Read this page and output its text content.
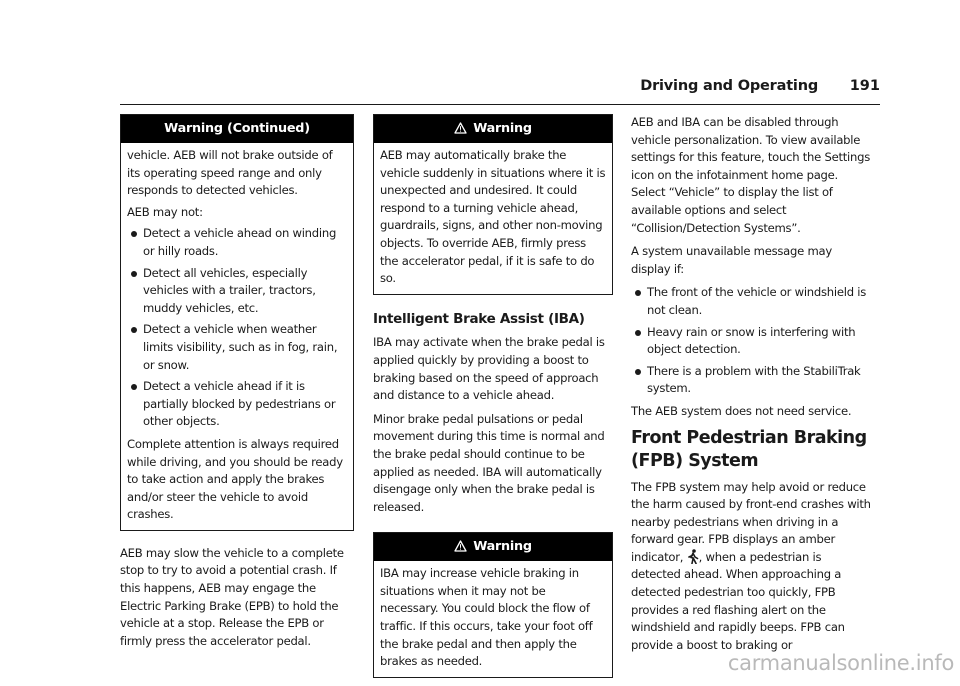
Driving and Operating 191
Warning (Continued)

vehicle. AEB will not brake outside of its operating speed range and only responds to detected vehicles.

AEB may not:

Detect a vehicle ahead on winding or hilly roads.
Detect all vehicles, especially vehicles with a trailer, tractors, muddy vehicles, etc.
Detect a vehicle when weather limits visibility, such as in fog, rain, or snow.
Detect a vehicle ahead if it is partially blocked by pedestrians or other objects.

Complete attention is always required while driving, and you should be ready to take action and apply the brakes and/or steer the vehicle to avoid crashes.

AEB may slow the vehicle to a complete stop to try to avoid a potential crash. If this happens, AEB may engage the Electric Parking Brake (EPB) to hold the vehicle at a stop. Release the EPB or firmly press the accelerator pedal.

Warning

AEB may automatically brake the vehicle suddenly in situations where it is unexpected and undesired. It could respond to a turning vehicle ahead, guardrails, signs, and other non-moving objects. To override AEB, firmly press the accelerator pedal, if it is safe to do so.

Intelligent Brake Assist (IBA)

IBA may activate when the brake pedal is applied quickly by providing a boost to braking based on the speed of approach and distance to a vehicle ahead.

Minor brake pedal pulsations or pedal movement during this time is normal and the brake pedal should continue to be applied as needed. IBA will automatically disengage only when the brake pedal is released.

Warning

IBA may increase vehicle braking in situations when it may not be necessary. You could block the flow of traffic. If this occurs, take your foot off the brake pedal and then apply the brakes as needed.

AEB and IBA can be disabled through vehicle personalization. To view available settings for this feature, touch the Settings icon on the infotainment home page. Select “Vehicle” to display the list of available options and select “Collision/Detection Systems”.

A system unavailable message may display if:

The front of the vehicle or windshield is not clean.
Heavy rain or snow is interfering with object detection.
There is a problem with the StabiliTrak system.

The AEB system does not need service.

Front Pedestrian Braking (FPB) System

The FPB system may help avoid or reduce the harm caused by front-end crashes with nearby pedestrians when driving in a forward gear. FPB displays an amber indicator, , when a pedestrian is detected ahead. When approaching a detected pedestrian too quickly, FPB provides a red flashing alert on the windshield and rapidly beeps. FPB can provide a boost to braking or

carmanualsonline.info
